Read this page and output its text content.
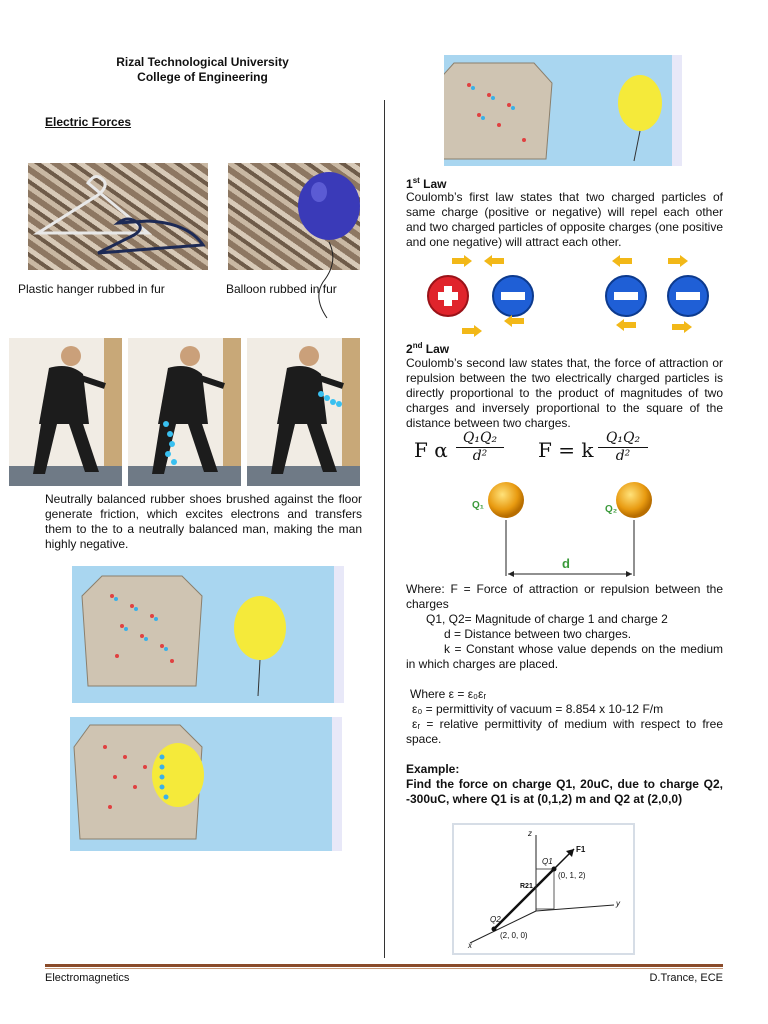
Rizal Technological University
College of Engineering
Electric Forces
Plastic hanger rubbed in fur	Balloon rubbed in fur
Neutrally balanced rubber shoes brushed against the floor generate friction, which excites electrons and transfers them to the to a neutrally balanced man, making the man highly negative.
1st Law
Coulomb’s first law states that two charged particles of same charge (positive or negative) will repel each other and two charged particles of opposite charges (one positive and one negative) will attract each other.
2nd Law
Coulomb’s second law states that, the force of attraction or repulsion between the two electrically charged particles is directly proportional to the product of magnitudes of two charges and inversely proportional to the square of the distance between two charges.
F α $\frac{\text{Q₁Q₂}}{\text{d²}}$ F = k $\frac{\text{Q₁Q₂}}{\text{d²}}$
Q₁	Q₂
d
Where: F = Force of attraction or repulsion between the charges
Q1, Q2= Magnitude of charge 1 and charge 2
d = Distance between two charges.
k = Constant whose value depends on the medium in which charges are placed.
Where ε = ε₀εᵣ
ε₀ = permittivity of vacuum = 8.854 x 10-12 F/m
εᵣ = relative permittivity of medium with respect to free space.
Example:
Find the force on charge Q1, 20uC, due to charge Q2, -300uC, where Q1 is at (0,1,2) m and Q2 at (2,0,0)
z
y
x
Q1
F1
(0, 1, 2)
R21
Q2
(2, 0, 0)
Electromagnetics	D.Trance, ECE
